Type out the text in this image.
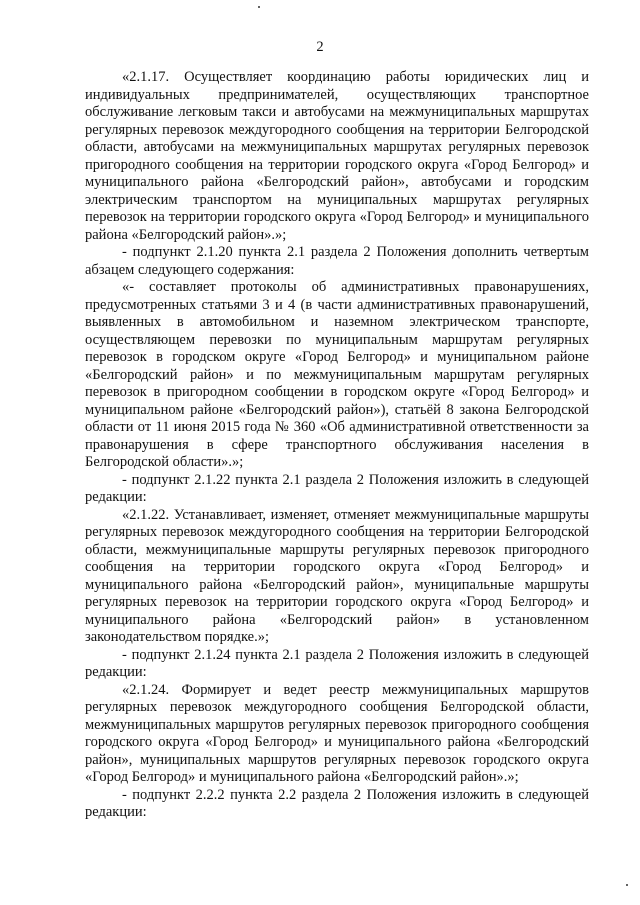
2

«2.1.17. Осуществляет координацию работы юридических лиц и индивидуальных предпринимателей, осуществляющих транспортное обслуживание легковым такси и автобусами на межмуниципальных маршрутах регулярных перевозок междугородного сообщения на территории Белгородской области, автобусами на межмуниципальных маршрутах регулярных перевозок пригородного сообщения на территории городского округа «Город Белгород» и муниципального района «Белгородский район», автобусами и городским электрическим транспортом на муниципальных маршрутах регулярных перевозок на территории городского округа «Город Белгород» и муниципального района «Белгородский район».»;

- подпункт 2.1.20 пункта 2.1 раздела 2 Положения дополнить четвертым абзацем следующего содержания:

«- составляет протоколы об административных правонарушениях, предусмотренных статьями 3 и 4 (в части административных правонарушений, выявленных в автомобильном и наземном электрическом транспорте, осуществляющем перевозки по муниципальным маршрутам регулярных перевозок в городском округе «Город Белгород» и муниципальном районе «Белгородский район» и по межмуниципальным маршрутам регулярных перевозок в пригородном сообщении в городском округе «Город Белгород» и муниципальном районе «Белгородский район»), статьёй 8 закона Белгородской области от 11 июня 2015 года № 360 «Об административной ответственности за правонарушения в сфере транспортного обслуживания населения в Белгородской области».»;

- подпункт 2.1.22 пункта 2.1 раздела 2 Положения изложить в следующей редакции:

«2.1.22. Устанавливает, изменяет, отменяет межмуниципальные маршруты регулярных перевозок междугородного сообщения на территории Белгородской области, межмуниципальные маршруты регулярных перевозок пригородного сообщения на территории городского округа «Город Белгород» и муниципального района «Белгородский район», муниципальные маршруты регулярных перевозок на территории городского округа «Город Белгород» и муниципального района «Белгородский район» в установленном законодательством порядке.»;

- подпункт 2.1.24 пункта 2.1 раздела 2 Положения изложить в следующей редакции:

«2.1.24. Формирует и ведет реестр межмуниципальных маршрутов регулярных перевозок междугородного сообщения Белгородской области, межмуниципальных маршрутов регулярных перевозок пригородного сообщения городского округа «Город Белгород» и муниципального района «Белгородский район», муниципальных маршрутов регулярных перевозок городского округа «Город Белгород» и муниципального района «Белгородский район».»;

- подпункт 2.2.2 пункта 2.2 раздела 2 Положения изложить в следующей редакции:
